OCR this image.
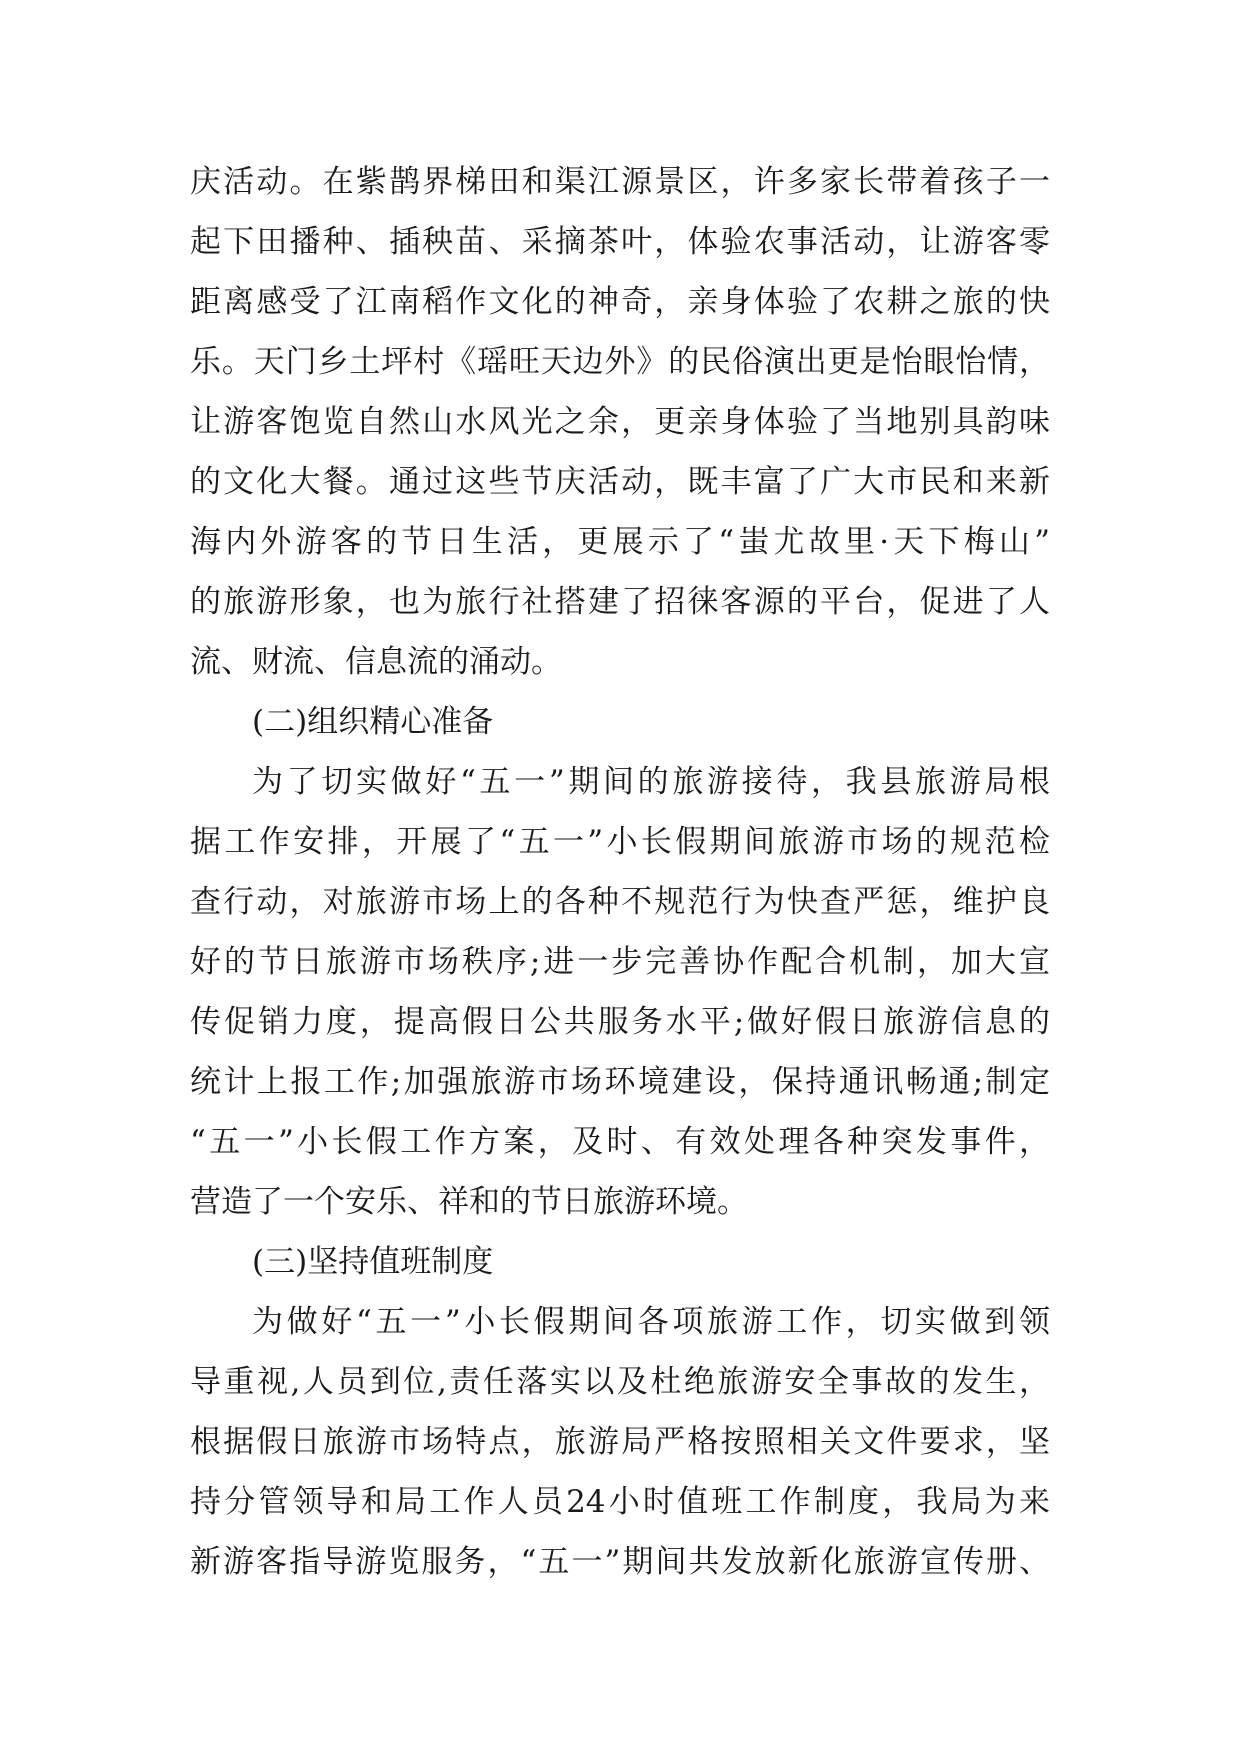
庆活动。在紫鹊界梯田和渠江源景区，许多家长带着孩子一
起下田播种、插秧苗、采摘茶叶，体验农事活动，让游客零
距离感受了江南稻作文化的神奇，亲身体验了农耕之旅的快
乐。天门乡土坪村《瑶旺天边外》的民俗演出更是怡眼怡情，
让游客饱览自然山水风光之余，更亲身体验了当地别具韵味
的文化大餐。通过这些节庆活动，既丰富了广大市民和来新
海内外游客的节日生活，更展示了“蚩尤故里·天下梅山”
的旅游形象，也为旅行社搭建了招徕客源的平台，促进了人
流、财流、信息流的涌动。
(二)组织精心准备
为了切实做好“五一”期间的旅游接待，我县旅游局根
据工作安排，开展了“五一”小长假期间旅游市场的规范检
查行动，对旅游市场上的各种不规范行为快查严惩，维护良
好的节日旅游市场秩序;进一步完善协作配合机制，加大宣
传促销力度，提高假日公共服务水平;做好假日旅游信息的
统计上报工作;加强旅游市场环境建设，保持通讯畅通;制定
“五一”小长假工作方案，及时、有效处理各种突发事件，
营造了一个安乐、祥和的节日旅游环境。
(三)坚持值班制度
为做好“五一”小长假期间各项旅游工作，切实做到领
导重视,人员到位,责任落实以及杜绝旅游安全事故的发生，
根据假日旅游市场特点，旅游局严格按照相关文件要求，坚
持分管领导和局工作人员24小时值班工作制度，我局为来
新游客指导游览服务，“五一”期间共发放新化旅游宣传册、
